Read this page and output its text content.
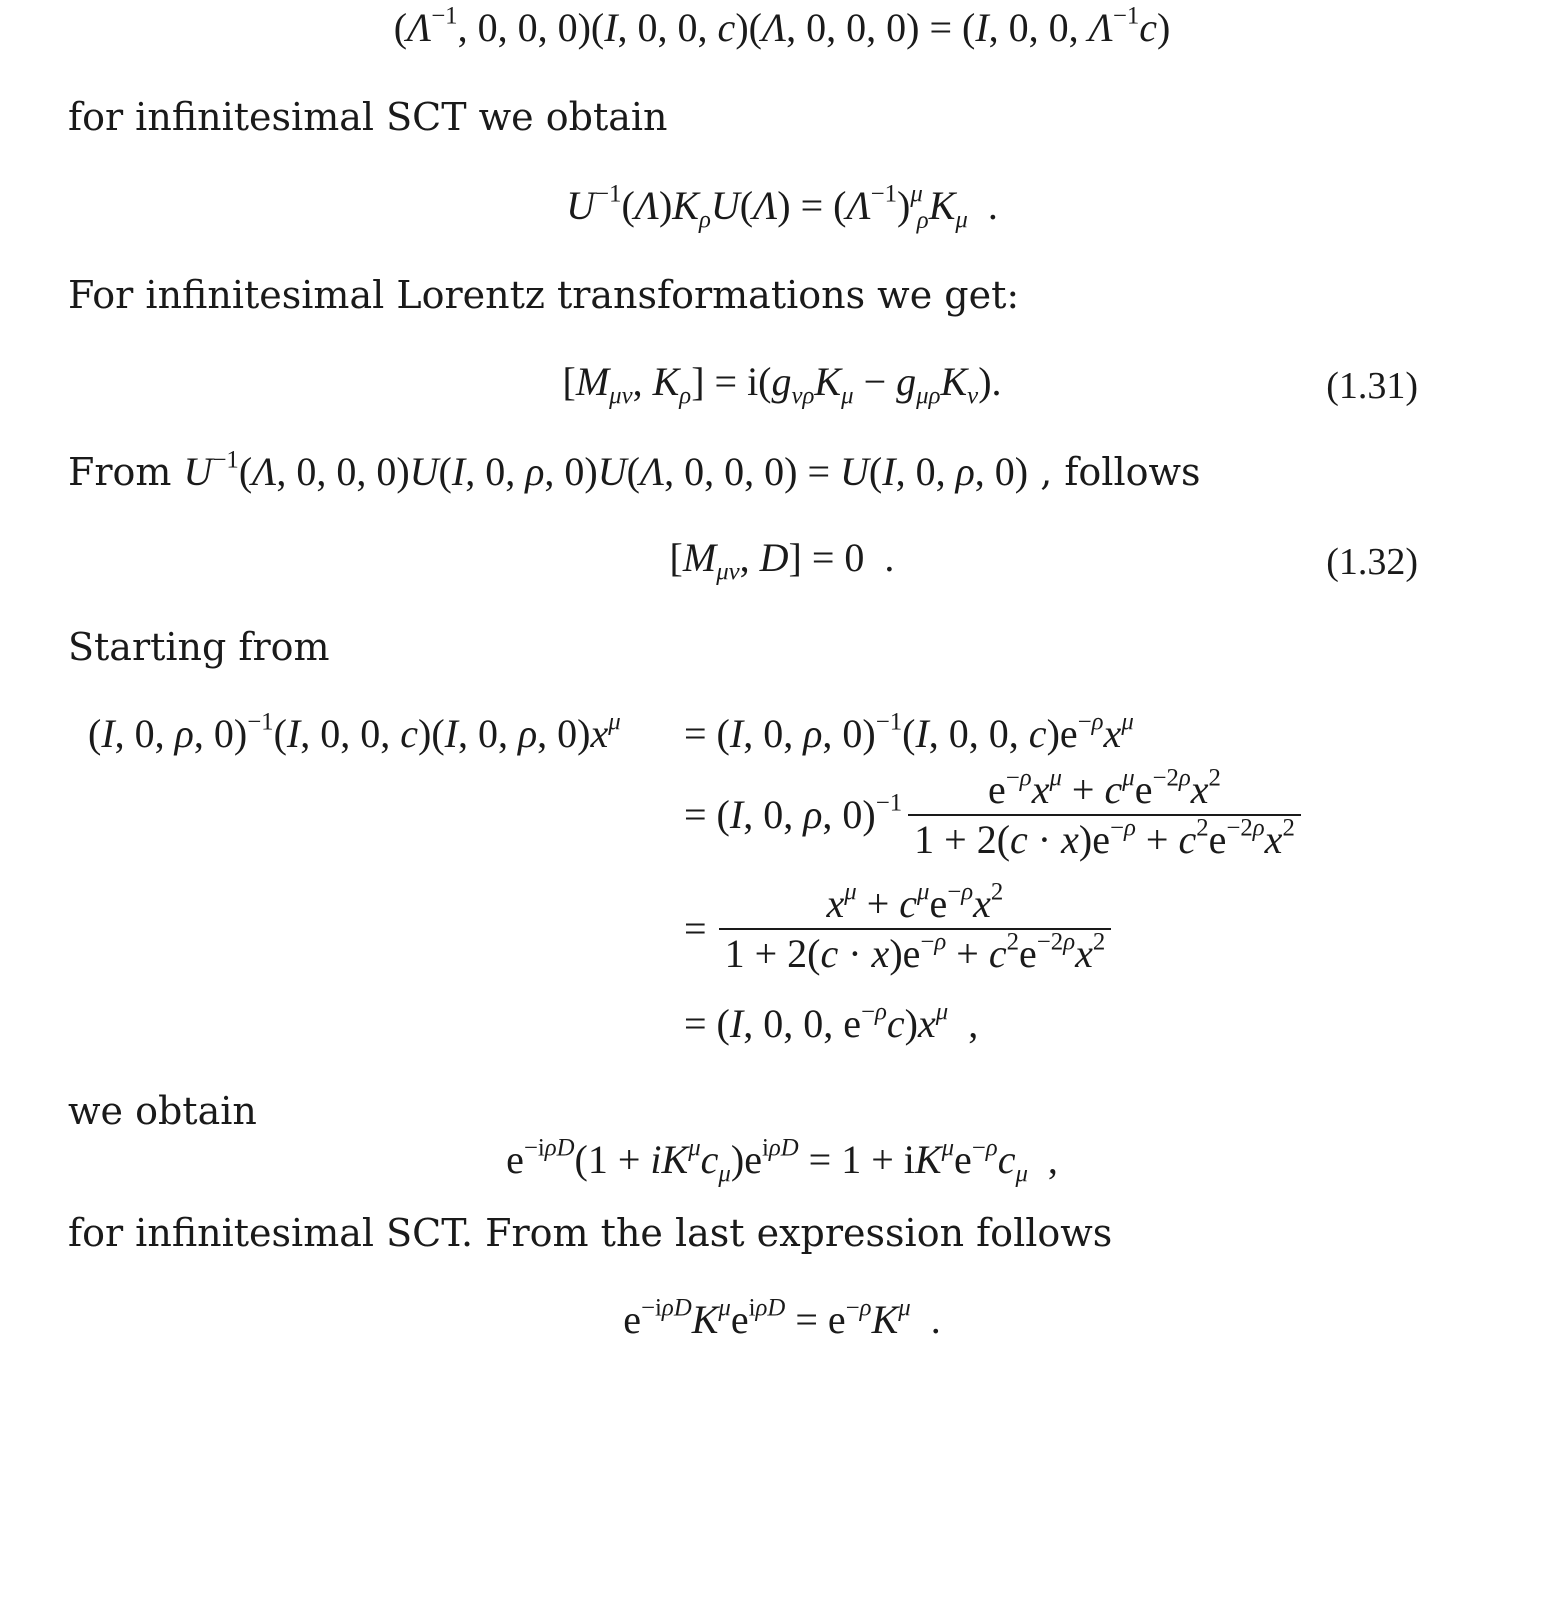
($\Lambda^{-1}$, 0, 0, 0)(I, 0, 0, c)(Λ, 0, 0, 0) = (I, 0, 0, $\Lambda^{-1}c$)
for infinitesimal SCT we obtain
$U^{-1}(\Lambda)K_\rho U(\Lambda) = (\Lambda^{-1})^\mu_\rho K_\mu$  .
For infinitesimal Lorentz transformations we get:
[$M_{\mu\nu}$, $K_\rho] = i(g_{\nu\rho}K_\mu - g_{\mu\rho}K_\nu)$.	(1.31)
From $U^{-1}(\Lambda$, 0, 0, 0)U(I, 0, ρ, 0)U(Λ, 0, 0, 0) = U(I, 0, ρ, 0) , follows
[$M_{\mu\nu}$, D] = 0  .	(1.32)
Starting from
(I, 0, ρ, 0)$^{-1}$(I, 0, 0, c)(I, 0, ρ, $0)x^\mu = (I$, 0, ρ, 0)$^{-1}$(I, 0, 0, $c)e^{-\rho}x^\mu$
= (I, 0, ρ, $0)^{-1} \frac{e^{-\rho}x^\mu + c^\mu e^{-2\rho}x^2}{1 + 2(c \cdot x)e^{-\rho} + c^2e^{-2\rho}x^2}$
= $\frac{x^\mu + c^\mu e^{-\rho}x^2}{1 + 2(c \cdot x)e^{-\rho} + c^2e^{-2\rho}x^2}$
= (I, 0, 0, $e^{-\rho}c)x^\mu$  ,
we obtain
$e^{-i\rho D}(1 + iK^\mu c_\mu)e^{i\rho D} = 1 + iK^\mu e^{-\rho}c_\mu$  ,
for infinitesimal SCT. From the last expression follows
$e^{-i\rho D}K^\mu e^{i\rho D} = e^{-\rho}K^\mu$  .
